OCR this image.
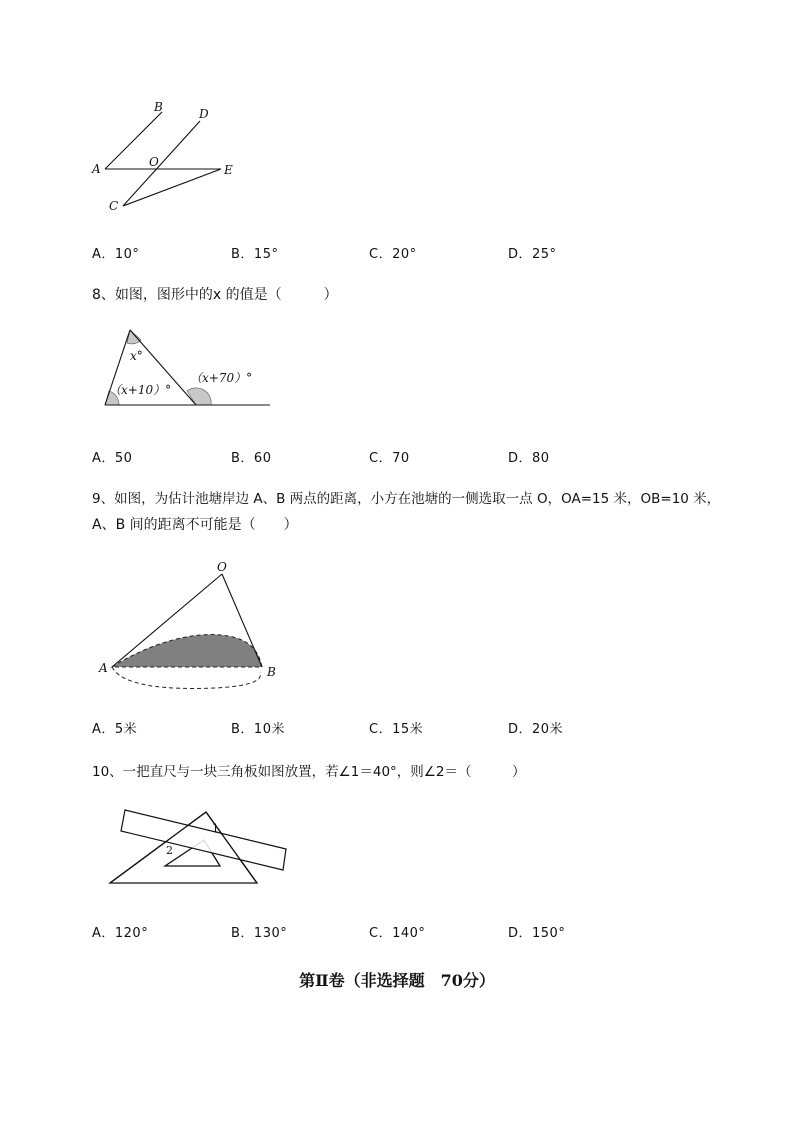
A
B	D
O
E
C
A．10°	B．15°	C．20°	D．25°
8、如图，图形中的x 的值是（　　　）
x°
（x+10）°
（x+70）°
A．50	B．60	C．70	D．80
9、如图，为估计池塘岸边 A、B 两点的距离，小方在池塘的一侧选取一点 O，OA=15 米，OB=10 米，
A、B 间的距离不可能是（　　）
O
A	B
A．5米	B．10米	C．15米	D．20米
10、一把直尺与一块三角板如图放置，若∠1＝40°，则∠2＝（　　　）
1
2
A．120°	B．130°	C．140°	D．150°
第Ⅱ卷（非选择题　70分）
